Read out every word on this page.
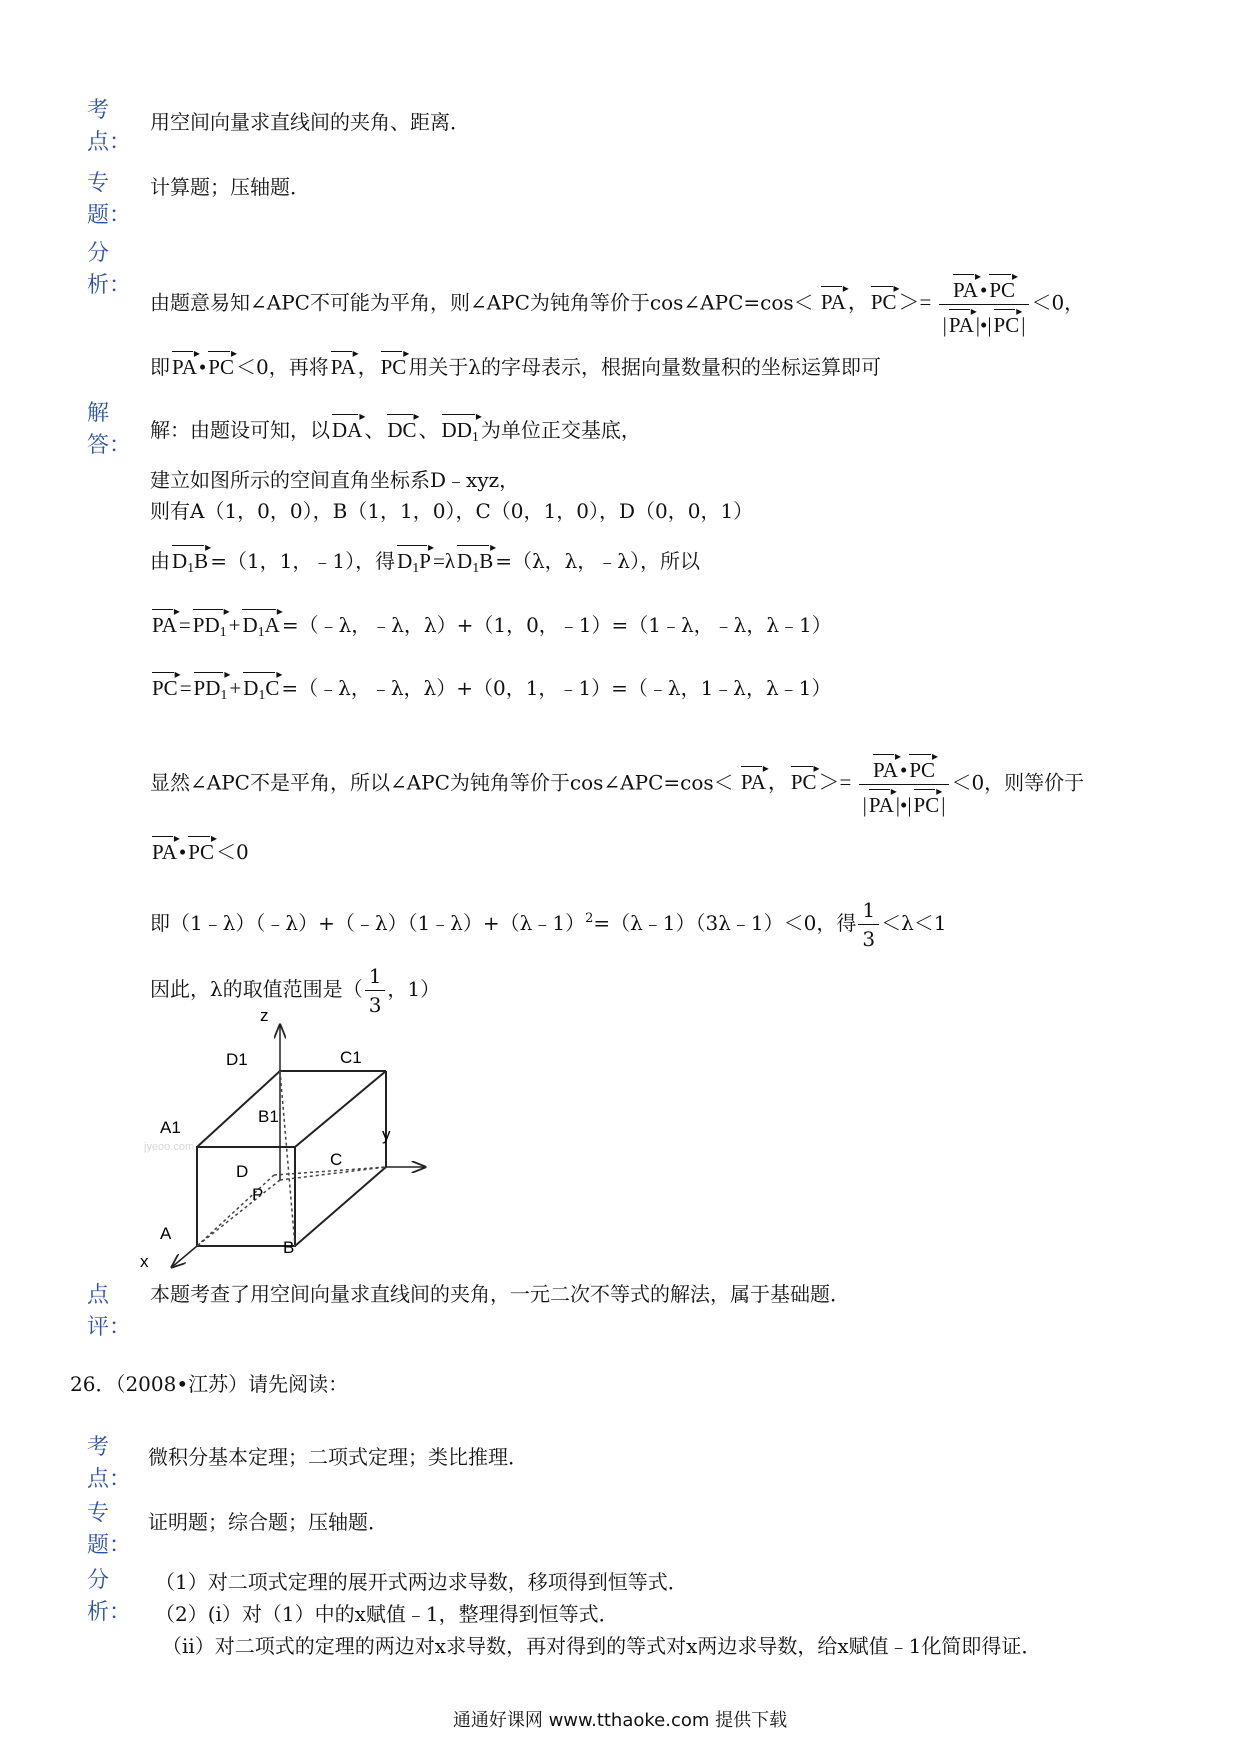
考
点：
用空间向量求直线间的夹角、距离．
专
题：
计算题；压轴题．
分
析：
由题意易知∠APC不可能为平角，则∠APC为钝角等价于cos∠APC=cos＜ PA ▸，PC ▸＞= $\frac{PA ▸•PC ▸}{|PA ▸|•|PC ▸|} <0$，
即PA ▸•PC ▸ ＜0，再将PA ▸，PC ▸ 用关于λ的字母表示，根据向量数量积的坐标运算即可
解
答：
解：由题设可知，以DA ▸、DC ▸、$DD_1$ ▸ 为单位正交基底，
建立如图所示的空间直角坐标系D﹣xyz，
则有A（1，0，0），B（1，1，0），C（0，1，0），D（0，0，1）
由$D_1B$ ▸ =（1，1，﹣1），得$D_1P$ $▸=\lambda D_1B$ ▸ =（λ，λ，﹣λ），所以
PA $▸=PD_1$ $▸+D_1A$ ▸ =（﹣λ，﹣λ，λ）+（1，0，﹣1）=（1﹣λ，﹣λ，λ﹣1）
PC $▸=PD_1$ $▸+D_1C$ ▸ =（﹣λ，﹣λ，λ）+（0，1，﹣1）=（﹣λ，1﹣λ，λ﹣1）
显然∠APC不是平角，所以∠APC为钝角等价于cos∠APC=cos＜ PA ▸，PC ▸＞= $\frac{PA ▸•PC ▸}{|PA ▸|•|PC ▸|} <0$，则等价于
PA ▸•PC ▸ ＜0
即（1﹣λ）（﹣λ）+（﹣λ）（1﹣λ）+（λ﹣1）$^2$=（λ﹣1）（3λ﹣1）＜0，得 $\frac{1}{3} <\lambda<1$
因此，λ的取值范围是（ $\frac{1}{3}$ ，1）
z
D1	C1
A1
B1
y
D
C
P
A
B
x
jyeoo.com
点
评：
本题考查了用空间向量求直线间的夹角，一元二次不等式的解法，属于基础题．
26．（2008•江苏）请先阅读：
考
点：
微积分基本定理；二项式定理；类比推理．
专
题：
证明题；综合题；压轴题．
分
析：
（1）对二项式定理的展开式两边求导数，移项得到恒等式．
（2）(i）对（1）中的x赋值﹣1，整理得到恒等式．
（ii）对二项式的定理的两边对x求导数，再对得到的等式对x两边求导数，给x赋值﹣1化简即得证．
通通好课网 www.tthaoke.com 提供下载
